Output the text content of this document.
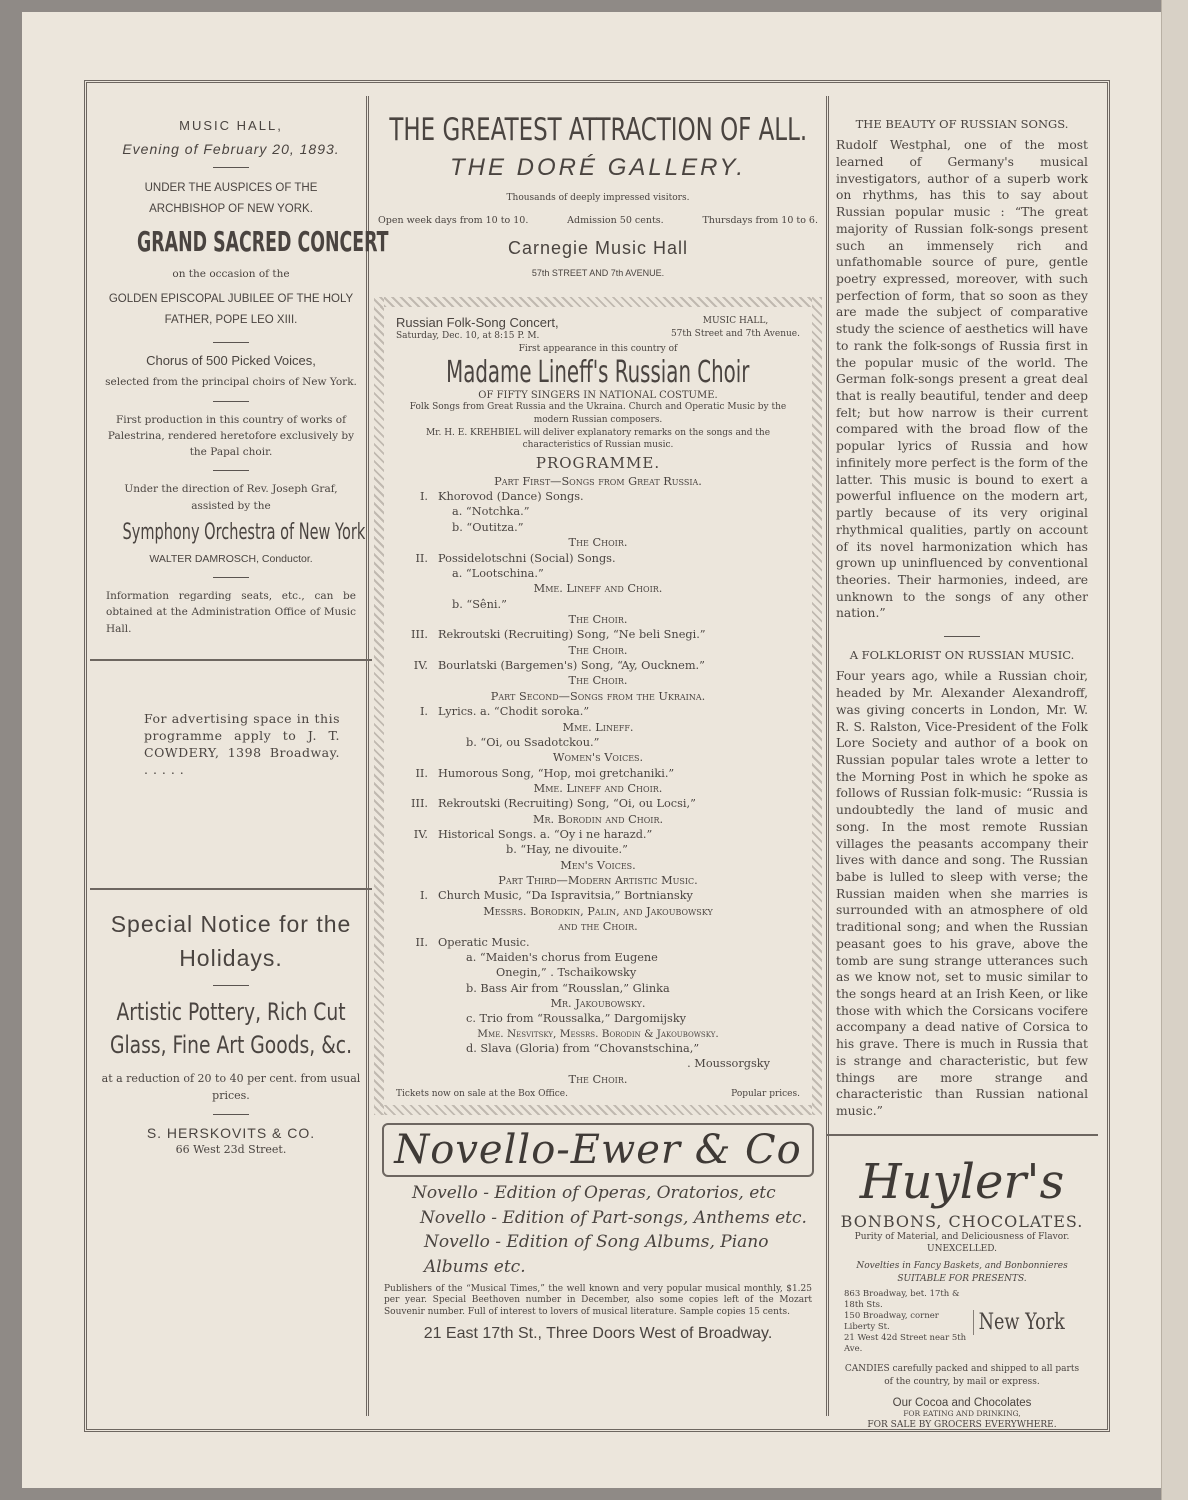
MUSIC HALL,
Evening of February 20, 1893.
UNDER THE AUSPICES OF THE ARCHBISHOP OF NEW YORK.
GRAND SACRED CONCERT
on the occasion of the
GOLDEN EPISCOPAL JUBILEE OF THE HOLY FATHER, POPE LEO XIII.
Chorus of 500 Picked Voices,
selected from the principal choirs of New York.
First production in this country of works of Palestrina, rendered heretofore exclusively by the Papal choir.
Under the direction of Rev. Joseph Graf,
assisted by the
Symphony Orchestra of New York
WALTER DAMROSCH, Conductor.
Information regarding seats, etc., can be obtained at the Administration Office of Music Hall.
For advertising space in this programme apply to J. T. COWDERY, 1398 Broadway. . . . . .
Special Notice for the Holidays.
Artistic Pottery, Rich Cut Glass, Fine Art Goods, &c.
at a reduction of 20 to 40 per cent. from usual prices.
S. HERSKOVITS & CO.
66 West 23d Street.
THE GREATEST ATTRACTION OF ALL.
THE DORÉ GALLERY.
Thousands of deeply impressed visitors.
Open week days from 10 to 10.	Admission 50 cents.	Thursdays from 10 to 6.
Carnegie Music Hall
57th STREET AND 7th AVENUE.
Russian Folk-Song Concert,
Saturday, Dec. 10, at 8:15 P. M.
MUSIC HALL,
57th Street and 7th Avenue.
First appearance in this country of
Madame Lineff's Russian Choir
OF FIFTY SINGERS IN NATIONAL COSTUME.
Folk Songs from Great Russia and the Ukraina. Church and Operatic Music by the modern Russian composers.
Mr. H. E. KREHBIEL will deliver explanatory remarks on the songs and the characteristics of Russian music.
PROGRAMME.
Part First—Songs from Great Russia.
I. Khorovod (Dance) Songs.
a. “Notchka.”
b. “Outitza.”
The Choir.
II. Possidelotschni (Social) Songs.
a. “Lootschina.”
Mme. Lineff and Choir.
b. “Sêni.”
The Choir.
III. Rekroutski (Recruiting) Song, “Ne beli Snegi.”
The Choir.
IV. Bourlatski (Bargemen's) Song, “Ay, Oucknem.”
The Choir.
Part Second—Songs from the Ukraina.
I. Lyrics. a. “Chodit soroka.”
Mme. Lineff.
b. “Oi, ou Ssadotckou.”
Women's Voices.
II. Humorous Song, “Hop, moi gretchaniki.”
Mme. Lineff and Choir.
III. Rekroutski (Recruiting) Song, “Oi, ou Locsi,”
Mr. Borodin and Choir.
IV. Historical Songs. a. “Oy i ne harazd.”
b. “Hay, ne divouite.”
Men's Voices.
Part Third—Modern Artistic Music.
I. Church Music, “Da Ispravitsia,” Bortniansky
Messrs. Borodkin, Palin, and Jakoubowsky
and the Choir.
II. Operatic Music.
a. “Maiden's chorus from Eugene
Onegin,” . Tschaikowsky
b. Bass Air from “Rousslan,” Glinka
Mr. Jakoubowsky.
c. Trio from “Roussalka,” Dargomijsky
Mme. Nesvitsky, Messrs. Borodin & Jakoubowsky.
d. Slava (Gloria) from “Chovanstschina,”
. Moussorgsky
The Choir.
Tickets now on sale at the Box Office.	Popular prices.
Novello-Ewer & Co
Novello - Edition of Operas, Oratorios, etc
Novello - Edition of Part-songs, Anthems etc.
Novello - Edition of Song Albums, Piano Albums etc.
Publishers of the “Musical Times,” the well known and very popular musical monthly, $1.25 per year. Special Beethoven number in December, also some copies left of the Mozart Souvenir number. Full of interest to lovers of musical literature. Sample copies 15 cents.
21 East 17th St., Three Doors West of Broadway.
THE BEAUTY OF RUSSIAN SONGS.
Rudolf Westphal, one of the most learned of Germany's musical investigators, author of a superb work on rhythms, has this to say about Russian popular music : “The great majority of Russian folk-songs present such an immensely rich and unfathomable source of pure, gentle poetry expressed, moreover, with such perfection of form, that so soon as they are made the subject of comparative study the science of aesthetics will have to rank the folk-songs of Russia first in the popular music of the world. The German folk-songs present a great deal that is really beautiful, tender and deep felt; but how narrow is their current compared with the broad flow of the popular lyrics of Russia and how infinitely more perfect is the form of the latter. This music is bound to exert a powerful influence on the modern art, partly because of its very original rhythmical qualities, partly on account of its novel harmonization which has grown up uninfluenced by conventional theories. Their harmonies, indeed, are unknown to the songs of any other nation.”
A FOLKLORIST ON RUSSIAN MUSIC.
Four years ago, while a Russian choir, headed by Mr. Alexander Alexandroff, was giving concerts in London, Mr. W. R. S. Ralston, Vice-President of the Folk Lore Society and author of a book on Russian popular tales wrote a letter to the Morning Post in which he spoke as follows of Russian folk-music: “Russia is undoubtedly the land of music and song. In the most remote Russian villages the peasants accompany their lives with dance and song. The Russian babe is lulled to sleep with verse; the Russian maiden when she marries is surrounded with an atmosphere of old traditional song; and when the Russian peasant goes to his grave, above the tomb are sung strange utterances such as we know not, set to music similar to the songs heard at an Irish Keen, or like those with which the Corsicans vocifere accompany a dead native of Corsica to his grave. There is much in Russia that is strange and characteristic, but few things are more strange and characteristic than Russian national music.”
Huyler's
BONBONS, CHOCOLATES.
Purity of Material, and Deliciousness of Flavor.
UNEXCELLED.
Novelties in Fancy Baskets, and Bonbonnieres
SUITABLE FOR PRESENTS.
863 Broadway, bet. 17th & 18th Sts.
150 Broadway, corner Liberty St.
21 West 42d Street near 5th Ave.
New York
CANDIES carefully packed and shipped to all parts of the country, by mail or express.
Our Cocoa and Chocolates
FOR EATING AND DRINKING,
FOR SALE BY GROCERS EVERYWHERE.
